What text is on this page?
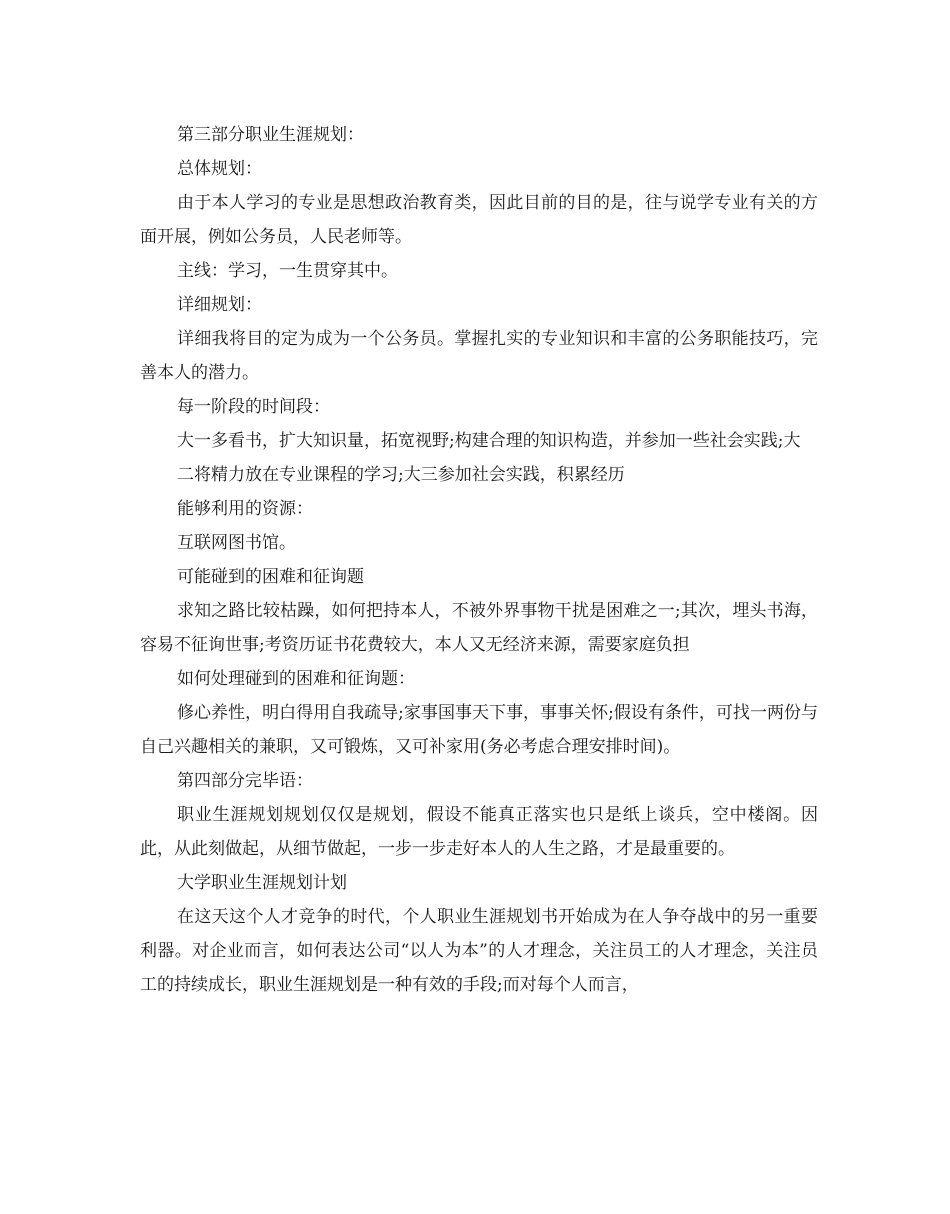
第三部分职业生涯规划：

总体规划：

由于本人学习的专业是思想政治教育类，因此目前的目的是，往与说学专业有关的方面开展，例如公务员，人民老师等。

主线：学习，一生贯穿其中。

详细规划：

详细我将目的定为成为一个公务员。掌握扎实的专业知识和丰富的公务职能技巧，完善本人的潜力。

每一阶段的时间段：

大一多看书，扩大知识量，拓宽视野;构建合理的知识构造，并参加一些社会实践;大

二将精力放在专业课程的学习;大三参加社会实践，积累经历

能够利用的资源：

互联网图书馆。

可能碰到的困难和征询题

求知之路比较枯躁，如何把持本人，不被外界事物干扰是困难之一;其次，埋头书海，容易不征询世事;考资历证书花费较大，本人又无经济来源，需要家庭负担

如何处理碰到的困难和征询题：

修心养性，明白得用自我疏导;家事国事天下事，事事关怀;假设有条件，可找一两份与自己兴趣相关的兼职，又可锻炼，又可补家用(务必考虑合理安排时间)。

第四部分完毕语：

职业生涯规划规划仅仅是规划，假设不能真正落实也只是纸上谈兵，空中楼阁。因此，从此刻做起，从细节做起，一步一步走好本人的人生之路，才是最重要的。

大学职业生涯规划计划

在这天这个人才竞争的时代，个人职业生涯规划书开始成为在人争夺战中的另一重要利器。对企业而言，如何表达公司“以人为本”的人才理念，关注员工的人才理念，关注员工的持续成长，职业生涯规划是一种有效的手段;而对每个人而言，
